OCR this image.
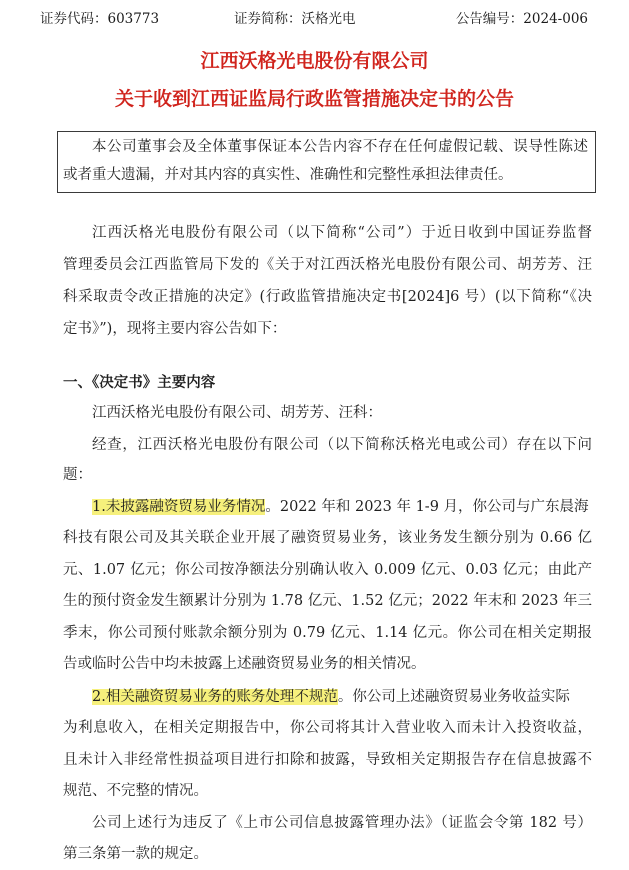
证券代码：603773	证券简称：沃格光电	公告编号：2024-006
江西沃格光电股份有限公司
关于收到江西证监局行政监管措施决定书的公告
本公司董事会及全体董事保证本公告内容不存在任何虚假记载、误导性陈述
或者重大遗漏，并对其内容的真实性、准确性和完整性承担法律责任。
江西沃格光电股份有限公司（以下简称“公司”）于近日收到中国证券监督
管理委员会江西监管局下发的《关于对江西沃格光电股份有限公司、胡芳芳、汪
科采取责令改正措施的决定》(行政监管措施决定书[2024]6 号）(以下简称“《决
定书》”)，现将主要内容公告如下：
一、《决定书》主要内容
江西沃格光电股份有限公司、胡芳芳、汪科：
经查，江西沃格光电股份有限公司（以下简称沃格光电或公司）存在以下问
题：
1.未披露融资贸易业务情况。2022 年和 2023 年 1-9 月，你公司与广东晨海
科技有限公司及其关联企业开展了融资贸易业务，该业务发生额分别为 0.66 亿
元、1.07 亿元；你公司按净额法分别确认收入 0.009 亿元、0.03 亿元；由此产
生的预付资金发生额累计分别为 1.78 亿元、1.52 亿元；2022 年末和 2023 年三
季末，你公司预付账款余额分别为 0.79 亿元、1.14 亿元。你公司在相关定期报
告或临时公告中均未披露上述融资贸易业务的相关情况。
2.相关融资贸易业务的账务处理不规范。你公司上述融资贸易业务收益实际
为利息收入，在相关定期报告中，你公司将其计入营业收入而未计入投资收益，
且未计入非经常性损益项目进行扣除和披露，导致相关定期报告存在信息披露不
规范、不完整的情况。
公司上述行为违反了《上市公司信息披露管理办法》（证监会令第 182 号）
第三条第一款的规定。
